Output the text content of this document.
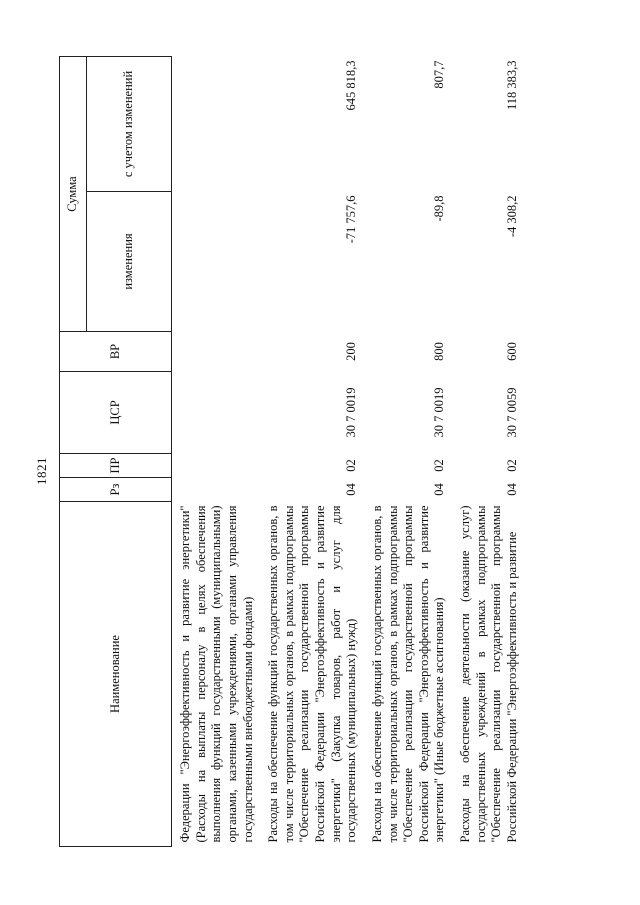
1821
Наименование	Рз	ПР	ЦСР	ВР	Сумма	
					изменения	с учетом изменений
Федерации "Энергоэффективность и развитие энергетики" (Расходы на выплаты персоналу в целях обеспечения выполнения функций государственными (муниципальными) органами, казенными учреждениями, органами управления государственными внебюджетными фондами)						
Расходы на обеспечение функций государственных органов, в том числе территориальных органов, в рамках подпрограммы "Обеспечение реализации государственной программы Российской Федерации "Энергоэффективность и развитие энергетики" (Закупка товаров, работ и услуг для государственных (муниципальных) нужд)	04	02	30 7 0019	200	-71 757,6	645 818,3
Расходы на обеспечение функций государственных органов, в том числе территориальных органов, в рамках подпрограммы "Обеспечение реализации государственной программы Российской Федерации "Энергоэффективность и развитие энергетики" (Иные бюджетные ассигнования)	04	02	30 7 0019	800	-89,8	807,7
Расходы на обеспечение деятельности (оказание услуг) государственных учреждений в рамках подпрограммы "Обеспечение реализации государственной программы Российской Федерации "Энергоэффективность и развитие	04	02	30 7 0059	600	-4 308,2	118 383,3
